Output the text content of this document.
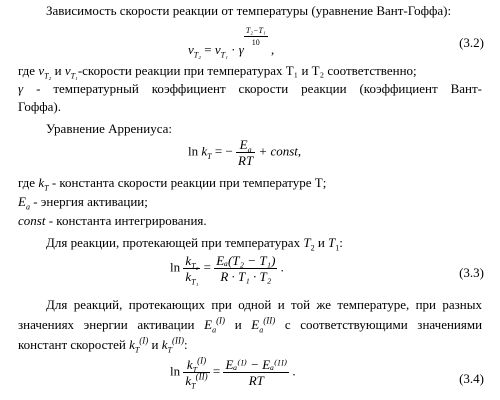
Зависимость скорости реакции от температуры (уравнение Вант-Гоффа):
$\nu_{T_2} = \nu_{T_1} \cdot \gamma$
$\frac{\text{T₂−T₁}}{10}$
,	(3.2)
где $\nu_{T_2}$ и $\nu_{T_1}$-скорости реакции при температурах Т₁ и Т₂ соответственно;
γ - температурный коэффициент скорости реакции (коэффициент Вант-
Гоффа).
Уравнение Аррениуса:
$\ln k_T$ = − $\frac{E_a}{RT}$ + const,
где $k_T$ - константа скорости реакции при температуре Т;
$E_a$ - энергия активации;
const - константа интегрирования.
Для реакции, протекающей при температурах $T_2$ и $T_1$:
$\ln \frac{k_{T_2}}{k_{T_1}} = \frac{\text{Eₐ(T₂ − T₁)}}{\text{R · T₁ · T₂}}$ .	(3.3)
Для реакций, протекающих при одной и той же температуре, при разных
значениях энергии активации $E_a^{(I)}$ и $E_a^{(II)}$ с соответствующими значениями
констант скоростей $k_T^{(I)}$ и $k_T^{(II)}$:
$\ln \frac{k_T^{(I)}}{k_T^{(II)}} = \frac{\text{Eₐ⁽ᴵ⁾ − Eₐ⁽ᴵᴵ⁾}}{RT}$ .
(3.4)
